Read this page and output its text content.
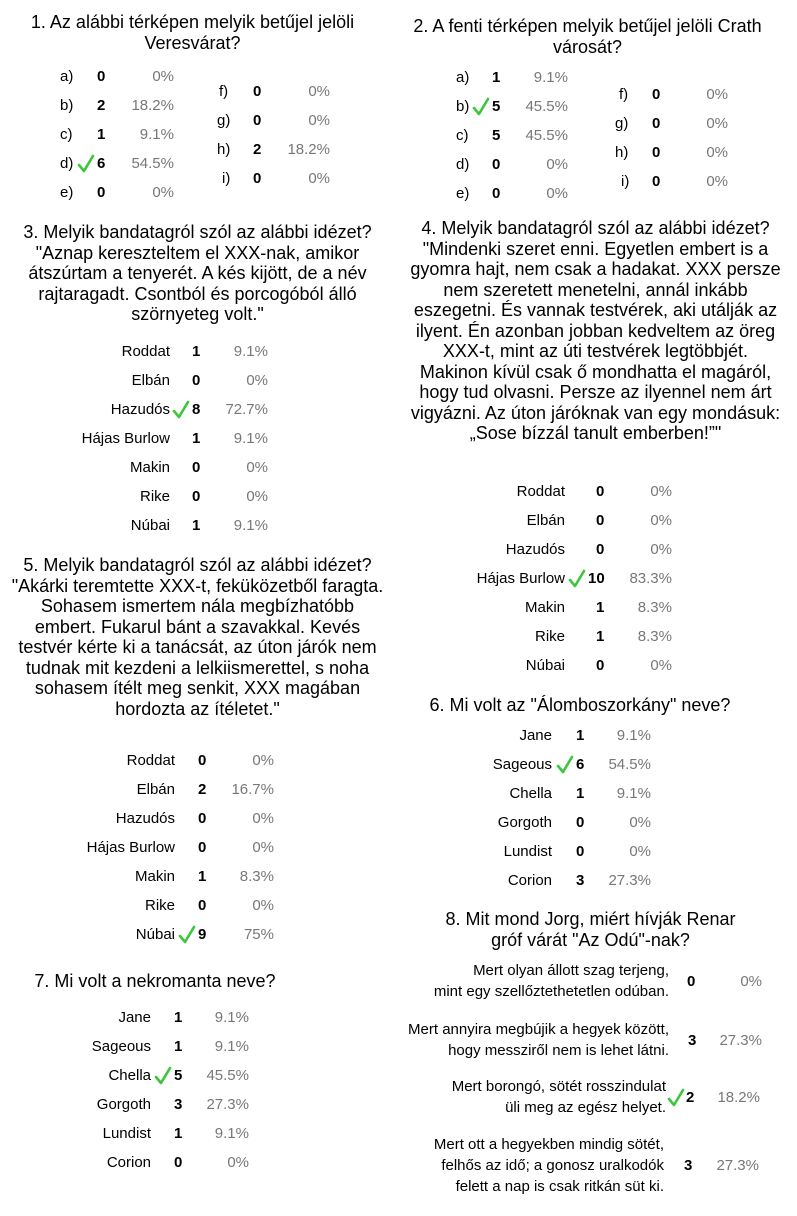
1. Az alábbi térképen melyik betűjel jelöli Veresvárat?
a) 0	0%
b) 2	18.2%
c) 1	9.1%
d) 6	54.5%
e) 0	0%
f) 0	0%
g) 0	0%
h) 2	18.2%
i) 0	0%
2. A fenti térképen melyik betűjel jelöli Crath városát?
a) 1	9.1%
b) 5	45.5%
c) 5	45.5%
d) 0	0%
e) 0	0%
f) 0	0%
g) 0	0%
h) 0	0%
i) 0	0%
3. Melyik bandatagról szól az alábbi idézet? "Aznap kereszteltem el XXX-nak, amikor átszúrtam a tenyerét. A kés kijött, de a név rajtaragadt. Csontból és porcogóból álló szörnyeteg volt."
Roddat 1	9.1%
Elbán 0	0%
Hazudós 8	72.7%
Hájas Burlow 1	9.1%
Makin 0	0%
Rike 0	0%
Núbai 1	9.1%
4. Melyik bandatagról szól az alábbi idézet? "Mindenki szeret enni. Egyetlen embert is a gyomra hajt, nem csak a hadakat. XXX persze nem szeretett menetelni, annál inkább eszegetni. És vannak testvérek, aki utálják az ilyent. Én azonban jobban kedveltem az öreg XXX-t, mint az úti testvérek legtöbbjét. Makinon kívül csak ő mondhatta el magáról, hogy tud olvasni. Persze az ilyennel nem árt vigyázni. Az úton járóknak van egy mondásuk: „Sose bízzál tanult emberben!”"
Roddat 0	0%
Elbán 0	0%
Hazudós 0	0%
Hájas Burlow 10	83.3%
Makin 1	8.3%
Rike 1	8.3%
Núbai 0	0%
5. Melyik bandatagról szól az alábbi idézet? "Akárki teremtette XXX-t, feküközetből faragta. Sohasem ismertem nála megbízhatóbb embert. Fukarul bánt a szavakkal. Kevés testvér kérte ki a tanácsát, az úton járók nem tudnak mit kezdeni a lelkiismerettel, s noha sohasem ítélt meg senkit, XXX magában hordozta az ítéletet."
Roddat 0	0%
Elbán 2	16.7%
Hazudós 0	0%
Hájas Burlow 0	0%
Makin 1	8.3%
Rike 0	0%
Núbai 9	75%
6. Mi volt az "Álomboszorkány" neve?
Jane 1	9.1%
Sageous 6	54.5%
Chella 1	9.1%
Gorgoth 0	0%
Lundist 0	0%
Corion 3	27.3%
7. Mi volt a nekromanta neve?
Jane 1	9.1%
Sageous 1	9.1%
Chella 5	45.5%
Gorgoth 3	27.3%
Lundist 1	9.1%
Corion 0	0%
8. Mit mond Jorg, miért hívják Renar gróf várát "Az Odú"-nak?
Mert olyan állott szag terjeng,
mint egy szellőztethetetlen odúban.
0	0%
Mert annyira megbújik a hegyek között,
hogy messziről nem is lehet látni.
3	27.3%
Mert borongó, sötét rosszindulat
üli meg az egész helyet.
2	18.2%
Mert ott a hegyekben mindig sötét,
felhős az idő; a gonosz uralkodók
felett a nap is csak ritkán süt ki.
3	27.3%
